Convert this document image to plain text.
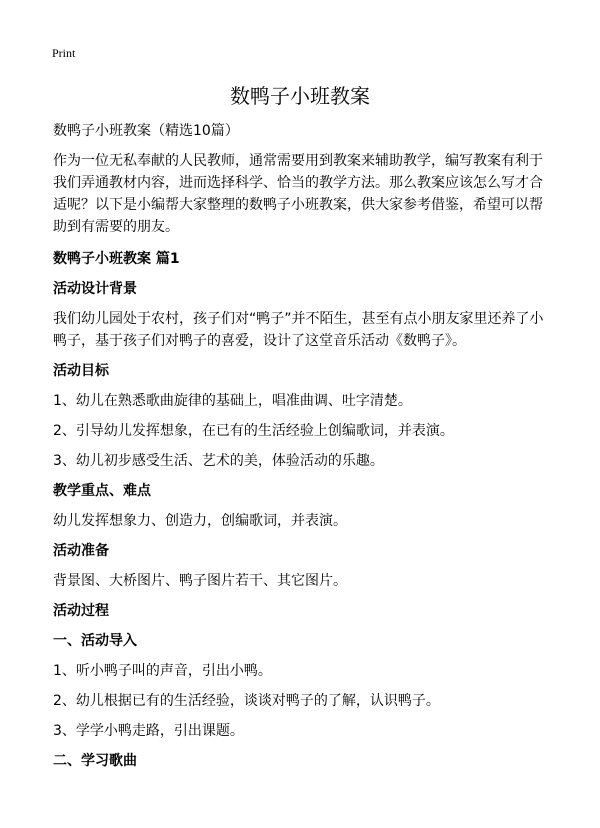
Print
数鸭子小班教案

数鸭子小班教案（精选10篇）

作为一位无私奉献的人民教师，通常需要用到教案来辅助教学，编写教案有利于我们弄通教材内容，进而选择科学、恰当的教学方法。那么教案应该怎么写才合适呢？以下是小编帮大家整理的数鸭子小班教案，供大家参考借鉴，希望可以帮助到有需要的朋友。

数鸭子小班教案 篇1

活动设计背景

我们幼儿园处于农村，孩子们对“鸭子”并不陌生，甚至有点小朋友家里还养了小鸭子，基于孩子们对鸭子的喜爱，设计了这堂音乐活动《数鸭子》。

活动目标

1、幼儿在熟悉歌曲旋律的基础上，唱准曲调、吐字清楚。

2、引导幼儿发挥想象，在已有的生活经验上创编歌词，并表演。

3、幼儿初步感受生活、艺术的美，体验活动的乐趣。

教学重点、难点

幼儿发挥想象力、创造力，创编歌词，并表演。

活动准备

背景图、大桥图片、鸭子图片若干、其它图片。

活动过程

一、活动导入

1、听小鸭子叫的声音，引出小鸭。

2、幼儿根据已有的生活经验，谈谈对鸭子的了解，认识鸭子。

3、学学小鸭走路，引出课题。

二、学习歌曲
